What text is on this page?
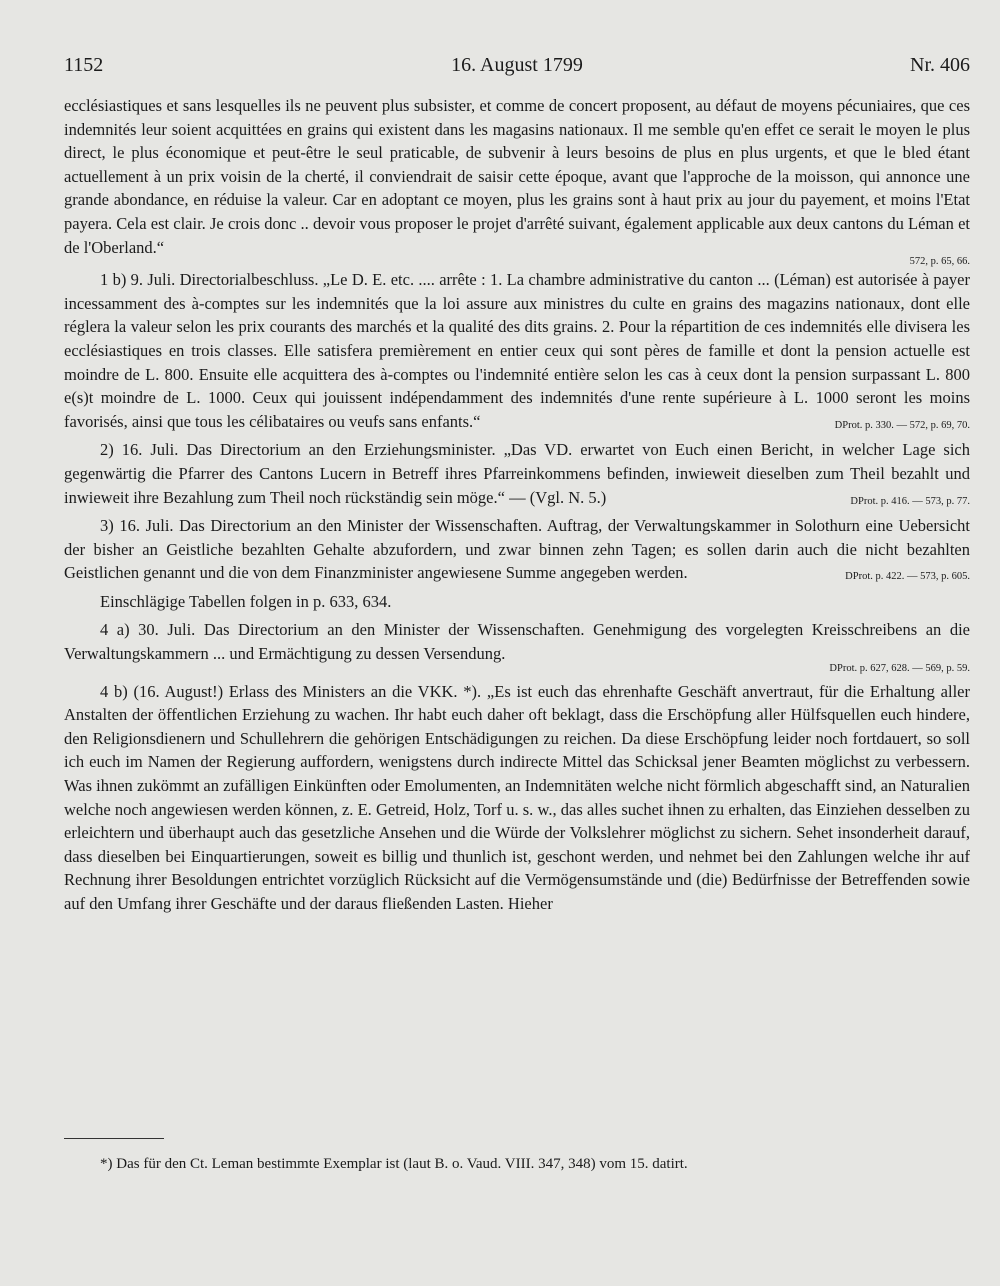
1152	16. August 1799	Nr. 406

ecclésiastiques et sans lesquelles ils ne peuvent plus subsister, et comme de concert proposent, au défaut de moyens pécuniaires, que ces indemnités leur soient acquittées en grains qui existent dans les magasins nationaux. Il me semble qu'en effet ce serait le moyen le plus direct, le plus économique et peut-être le seul praticable, de subvenir à leurs besoins de plus en plus urgents, et que le bled étant actuellement à un prix voisin de la cherté, il conviendrait de saisir cette époque, avant que l'approche de la moisson, qui annonce une grande abondance, en réduise la valeur. Car en adoptant ce moyen, plus les grains sont à haut prix au jour du payement, et moins l'Etat payera. Cela est clair. Je crois donc .. devoir vous proposer le projet d'arrêté suivant, également applicable aux deux cantons du Léman et de l'Oberland.“
572, p. 65, 66.

1 b) 9. Juli. Directorialbeschluss. „Le D. E. etc. .... arrête : 1. La chambre administrative du canton ... (Léman) est autorisée à payer incessamment des à-comptes sur les indemnités que la loi assure aux ministres du culte en grains des magazins nationaux, dont elle réglera la valeur selon les prix courants des marchés et la qualité des dits grains. 2. Pour la répartition de ces indemnités elle divisera les ecclésiastiques en trois classes. Elle satisfera premièrement en entier ceux qui sont pères de famille et dont la pension actuelle est moindre de L. 800. Ensuite elle acquittera des à-comptes ou l'indemnité entière selon les cas à ceux dont la pension surpassant L. 800 e(s)t moindre de L. 1000. Ceux qui jouissent indépendamment des indemnités d'une rente supérieure à L. 1000 seront les moins favorisés, ainsi que tous les célibataires ou veufs sans enfants.“	DProt. p. 330. — 572, p. 69, 70.

2) 16. Juli. Das Directorium an den Erziehungsminister. „Das VD. erwartet von Euch einen Bericht, in welcher Lage sich gegenwärtig die Pfarrer des Cantons Lucern in Betreff ihres Pfarreinkommens befinden, inwieweit dieselben zum Theil bezahlt und inwieweit ihre Bezahlung zum Theil noch rückständig sein möge.“ — (Vgl. N. 5.)	DProt. p. 416. — 573, p. 77.

3) 16. Juli. Das Directorium an den Minister der Wissenschaften. Auftrag, der Verwaltungskammer in Solothurn eine Uebersicht der bisher an Geistliche bezahlten Gehalte abzufordern, und zwar binnen zehn Tagen; es sollen darin auch die nicht bezahlten Geistlichen genannt und die von dem Finanzminister angewiesene Summe angegeben werden.	DProt. p. 422. — 573, p. 605.

Einschlägige Tabellen folgen in p. 633, 634.

4 a) 30. Juli. Das Directorium an den Minister der Wissenschaften. Genehmigung des vorgelegten Kreisschreibens an die Verwaltungskammern ... und Ermächtigung zu dessen Versendung.
DProt. p. 627, 628. — 569, p. 59.

4 b) (16. August!) Erlass des Ministers an die VKK. *). „Es ist euch das ehrenhafte Geschäft anvertraut, für die Erhaltung aller Anstalten der öffentlichen Erziehung zu wachen. Ihr habt euch daher oft beklagt, dass die Erschöpfung aller Hülfsquellen euch hindere, den Religionsdienern und Schullehrern die gehörigen Entschädigungen zu reichen. Da diese Erschöpfung leider noch fortdauert, so soll ich euch im Namen der Regierung auffordern, wenigstens durch indirecte Mittel das Schicksal jener Beamten möglichst zu verbessern. Was ihnen zukömmt an zufälligen Einkünften oder Emolumenten, an Indemnitäten welche nicht förmlich abgeschafft sind, an Naturalien welche noch angewiesen werden können, z. E. Getreid, Holz, Torf u. s. w., das alles suchet ihnen zu erhalten, das Einziehen desselben zu erleichtern und überhaupt auch das gesetzliche Ansehen und die Würde der Volkslehrer möglichst zu sichern. Sehet insonderheit darauf, dass dieselben bei Einquartierungen, soweit es billig und thunlich ist, geschont werden, und nehmet bei den Zahlungen welche ihr auf Rechnung ihrer Besoldungen entrichtet vorzüglich Rücksicht auf die Vermögensumstände und (die) Bedürfnisse der Betreffenden sowie auf den Umfang ihrer Geschäfte und der daraus fließenden Lasten. Hieher

*) Das für den Ct. Leman bestimmte Exemplar ist (laut B. o. Vaud. VIII. 347, 348) vom 15. datirt.
